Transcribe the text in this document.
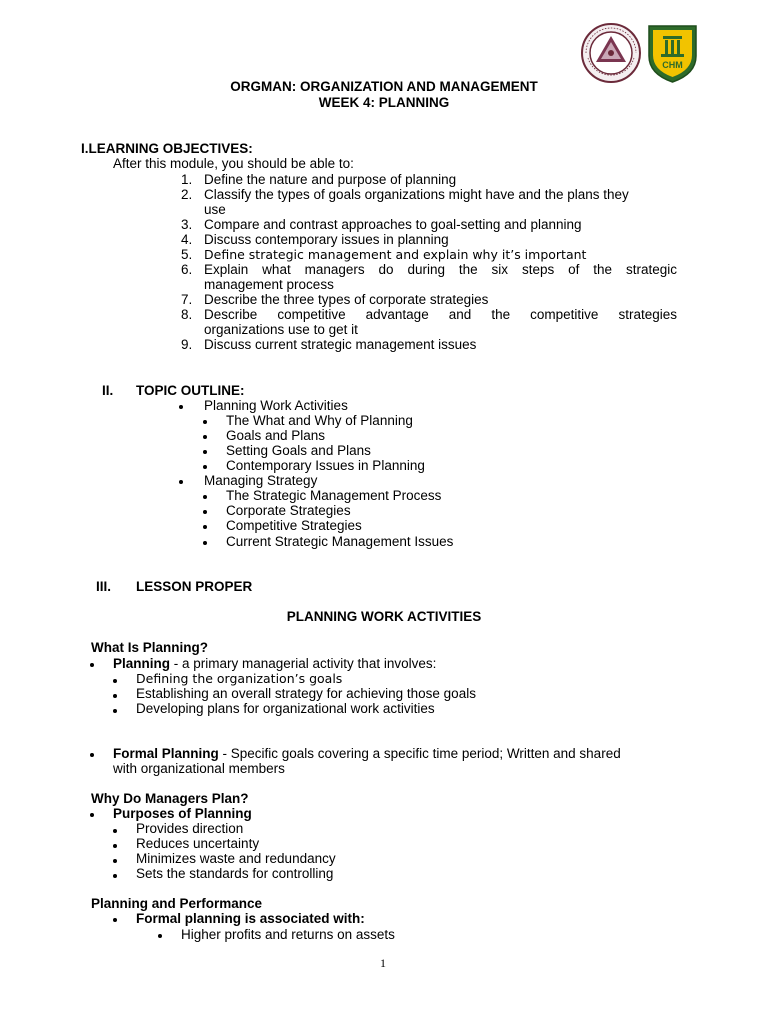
CHM
ORGMAN: ORGANIZATION AND MANAGEMENT
WEEK 4: PLANNING
I.LEARNING OBJECTIVES:
After this module, you should be able to:
1. Define the nature and purpose of planning
2. Classify the types of goals organizations might have and the plans they
use
3. Compare and contrast approaches to goal-setting and planning
4. Discuss contemporary issues in planning
5. Define strategic management and explain why it’s important
6. Explain what managers do during the six steps of the strategic
management process
7. Describe the three types of corporate strategies
8. Describe competitive advantage and the competitive strategies
organizations use to get it
9. Discuss current strategic management issues
II. TOPIC OUTLINE:
Planning Work Activities
The What and Why of Planning
Goals and Plans
Setting Goals and Plans
Contemporary Issues in Planning
Managing Strategy
The Strategic Management Process
Corporate Strategies
Competitive Strategies
Current Strategic Management Issues
III. LESSON PROPER
PLANNING WORK ACTIVITIES
What Is Planning?
Planning - a primary managerial activity that involves:
Defining the organization’s goals
Establishing an overall strategy for achieving those goals
Developing plans for organizational work activities
Formal Planning - Specific goals covering a specific time period; Written and shared
with organizational members
Why Do Managers Plan?
Purposes of Planning
Provides direction
Reduces uncertainty
Minimizes waste and redundancy
Sets the standards for controlling
Planning and Performance
Formal planning is associated with:
Higher profits and returns on assets
1
